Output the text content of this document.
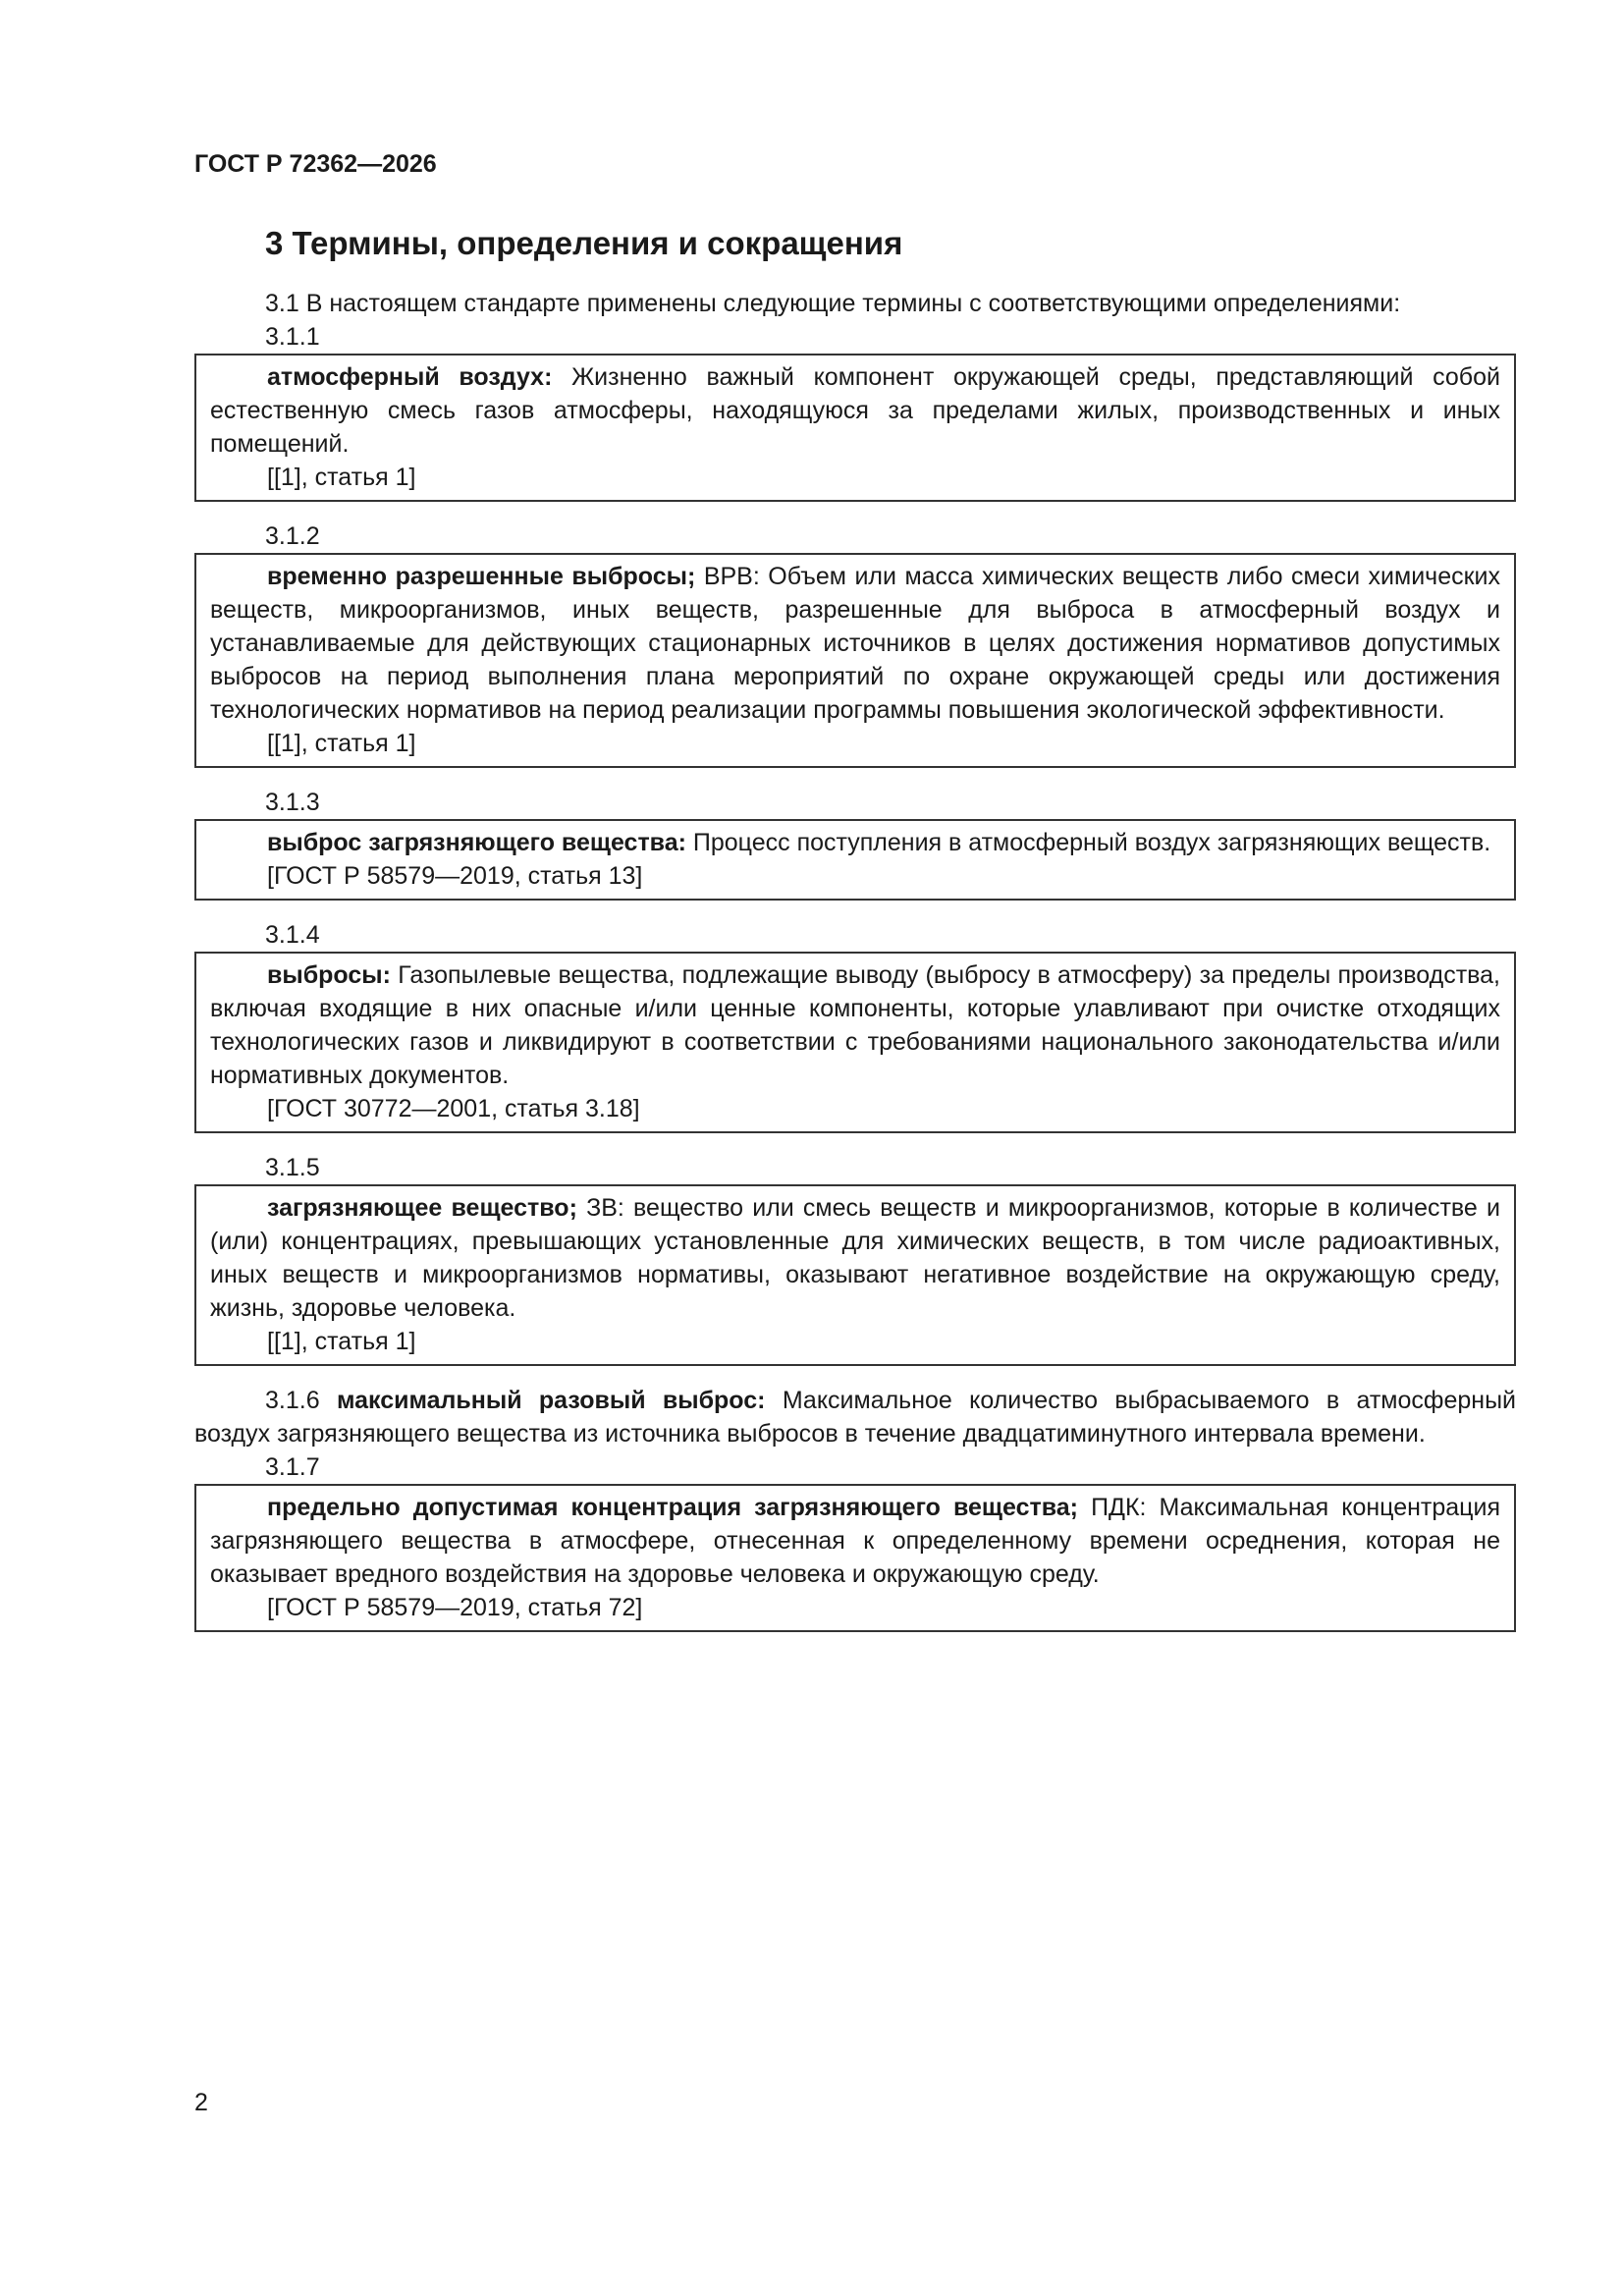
ГОСТ Р 72362—2026
3 Термины, определения и сокращения

3.1 В настоящем стандарте применены следующие термины с соответствующими определениями:

3.1.1

атмосферный воздух: Жизненно важный компонент окружающей среды, представляющий собой естественную смесь газов атмосферы, находящуюся за пределами жилых, производственных и иных помещений.

[[1], статья 1]
3.1.2

временно разрешенные выбросы; ВРВ: Объем или масса химических веществ либо смеси химических веществ, микроорганизмов, иных веществ, разрешенные для выброса в атмосферный воздух и устанавливаемые для действующих стационарных источников в целях достижения нормативов допустимых выбросов на период выполнения плана мероприятий по охране окружающей среды или достижения технологических нормативов на период реализации программы повышения экологической эффективности.

[[1], статья 1]
3.1.3

выброс загрязняющего вещества: Процесс поступления в атмосферный воздух загрязняющих веществ.

[ГОСТ Р 58579—2019, статья 13]
3.1.4

выбросы: Газопылевые вещества, подлежащие выводу (выбросу в атмосферу) за пределы производства, включая входящие в них опасные и/или ценные компоненты, которые улавливают при очистке отходящих технологических газов и ликвидируют в соответствии с требованиями национального законодательства и/или нормативных документов.

[ГОСТ 30772—2001, статья 3.18]
3.1.5

загрязняющее вещество; ЗВ: вещество или смесь веществ и микроорганизмов, которые в количестве и (или) концентрациях, превышающих установленные для химических веществ, в том числе радиоактивных, иных веществ и микроорганизмов нормативы, оказывают негативное воздействие на окружающую среду, жизнь, здоровье человека.

[[1], статья 1]

3.1.6 максимальный разовый выброс: Максимальное количество выбрасываемого в атмосферный воздух загрязняющего вещества из источника выбросов в течение двадцатиминутного интервала времени.

3.1.7

предельно допустимая концентрация загрязняющего вещества; ПДК: Максимальная концентрация загрязняющего вещества в атмосфере, отнесенная к определенному времени осреднения, которая не оказывает вредного воздействия на здоровье человека и окружающую среду.

[ГОСТ Р 58579—2019, статья 72]
2
